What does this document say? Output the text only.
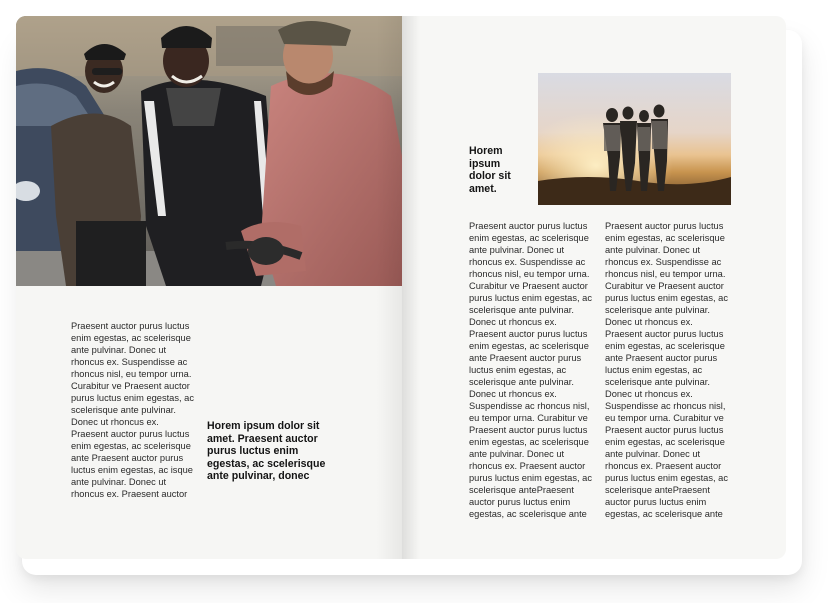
Praesent auctor purus luctus
enim egestas, ac scelerisque
ante pulvinar. Donec ut
rhoncus ex. Suspendisse ac
rhoncus nisl, eu tempor urna.
Curabitur ve Praesent auctor
purus luctus enim egestas, ac
scelerisque ante pulvinar.
Donec ut rhoncus ex.
Praesent auctor purus luctus
enim egestas, ac scelerisque
ante Praesent auctor purus
luctus enim egestas, ac isque
ante pulvinar. Donec ut
rhoncus ex. Praesent auctor

Horem ipsum dolor sit
amet. Praesent auctor
purus luctus enim
egestas, ac scelerisque
ante pulvinar, donec

Horem
ipsum
dolor sit
amet.

Praesent auctor purus luctus
enim egestas, ac scelerisque
ante pulvinar. Donec ut
rhoncus ex. Suspendisse ac
rhoncus nisl, eu tempor urna.
Curabitur ve Praesent auctor
purus luctus enim egestas, ac
scelerisque ante pulvinar.
Donec ut rhoncus ex.
Praesent auctor purus luctus
enim egestas, ac scelerisque
ante Praesent auctor purus
luctus enim egestas, ac
scelerisque ante pulvinar.
Donec ut rhoncus ex.
Suspendisse ac rhoncus nisl,
eu tempor urna. Curabitur ve
Praesent auctor purus luctus
enim egestas, ac scelerisque
ante pulvinar. Donec ut
rhoncus ex. Praesent auctor
purus luctus enim egestas, ac
scelerisque antePraesent
auctor purus luctus enim
egestas, ac scelerisque ante

Praesent auctor purus luctus
enim egestas, ac scelerisque
ante pulvinar. Donec ut
rhoncus ex. Suspendisse ac
rhoncus nisl, eu tempor urna.
Curabitur ve Praesent auctor
purus luctus enim egestas, ac
scelerisque ante pulvinar.
Donec ut rhoncus ex.
Praesent auctor purus luctus
enim egestas, ac scelerisque
ante Praesent auctor purus
luctus enim egestas, ac
scelerisque ante pulvinar.
Donec ut rhoncus ex.
Suspendisse ac rhoncus nisl,
eu tempor urna. Curabitur ve
Praesent auctor purus luctus
enim egestas, ac scelerisque
ante pulvinar. Donec ut
rhoncus ex. Praesent auctor
purus luctus enim egestas, ac
scelerisque antePraesent
auctor purus luctus enim
egestas, ac scelerisque ante
